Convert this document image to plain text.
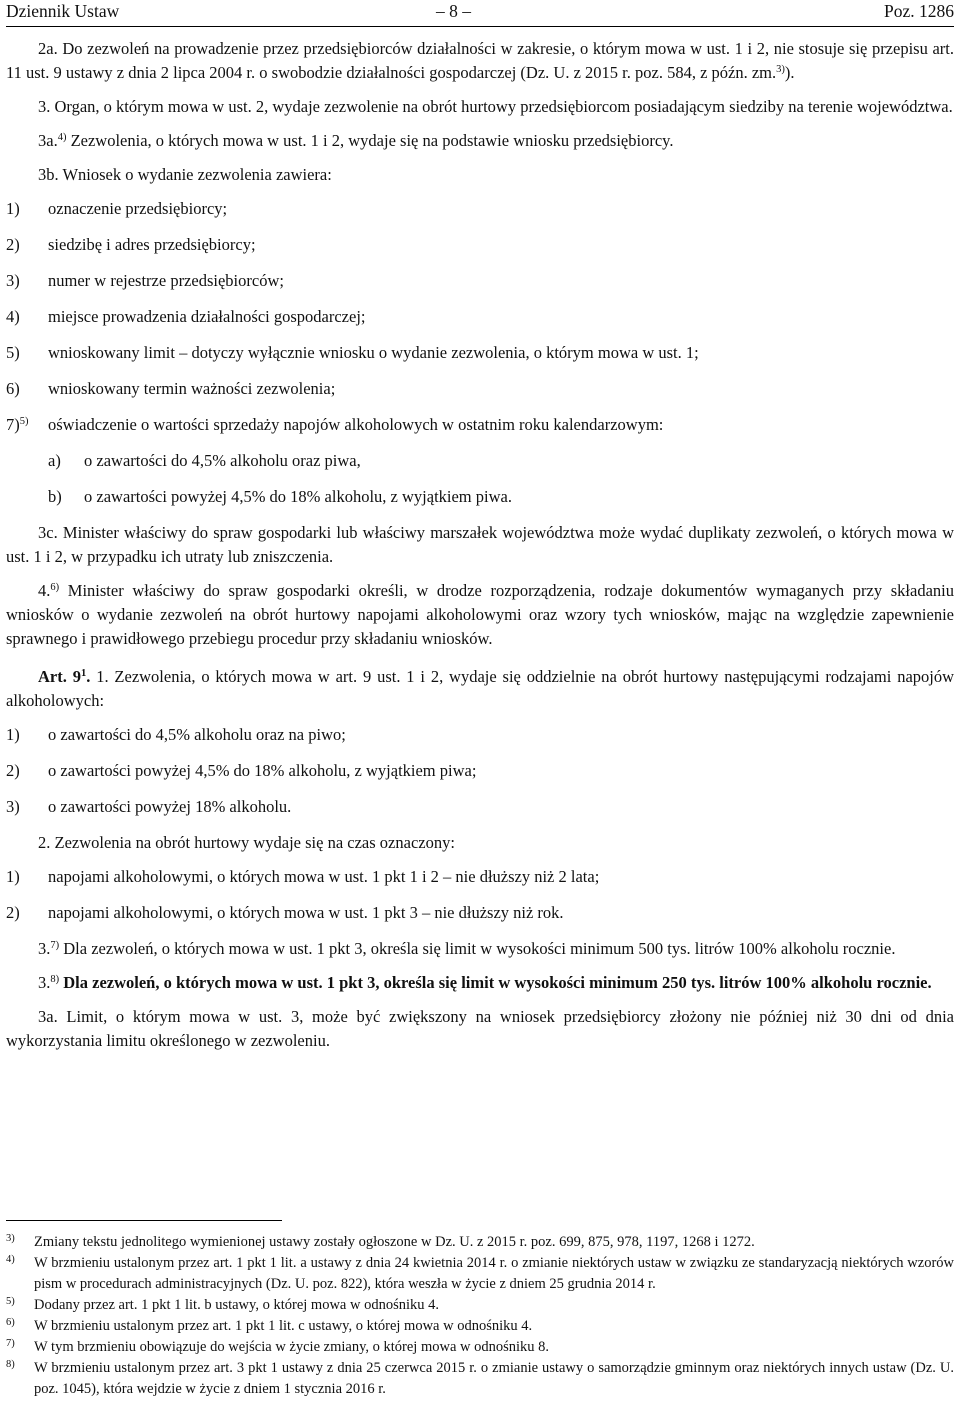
Dziennik Ustaw	– 8 –	Poz. 1286

2a. Do zezwoleń na prowadzenie przez przedsiębiorców działalności w zakresie, o którym mowa w ust. 1 i 2, nie stosuje się przepisu art. 11 ust. 9 ustawy z dnia 2 lipca 2004 r. o swobodzie działalności gospodarczej (Dz. U. z 2015 r. poz. 584, z późn. zm.$^{3)}$).

3. Organ, o którym mowa w ust. 2, wydaje zezwolenie na obrót hurtowy przedsiębiorcom posiadającym siedziby na terenie województwa.

3a.$^{4)}$ Zezwolenia, o których mowa w ust. 1 i 2, wydaje się na podstawie wniosku przedsiębiorcy.

3b. Wniosek o wydanie zezwolenia zawiera:

1) oznaczenie przedsiębiorcy;
2) siedzibę i adres przedsiębiorcy;
3) numer w rejestrze przedsiębiorców;
4) miejsce prowadzenia działalności gospodarczej;
5) wnioskowany limit – dotyczy wyłącznie wniosku o wydanie zezwolenia, o którym mowa w ust. 1;
6) wnioskowany termin ważności zezwolenia;
7)$^{5)}$ oświadczenie o wartości sprzedaży napojów alkoholowych w ostatnim roku kalendarzowym:
a) o zawartości do 4,5% alkoholu oraz piwa,
b) o zawartości powyżej 4,5% do 18% alkoholu, z wyjątkiem piwa.

3c. Minister właściwy do spraw gospodarki lub właściwy marszałek województwa może wydać duplikaty zezwoleń, o których mowa w ust. 1 i 2, w przypadku ich utraty lub zniszczenia.

4.$^{6)}$ Minister właściwy do spraw gospodarki określi, w drodze rozporządzenia, rodzaje dokumentów wymaganych przy składaniu wniosków o wydanie zezwoleń na obrót hurtowy napojami alkoholowymi oraz wzory tych wniosków, mając na względzie zapewnienie sprawnego i prawidłowego przebiegu procedur przy składaniu wniosków.

Art. $9^1$. 1. Zezwolenia, o których mowa w art. 9 ust. 1 i 2, wydaje się oddzielnie na obrót hurtowy następującymi rodzajami napojów alkoholowych:

1) o zawartości do 4,5% alkoholu oraz na piwo;
2) o zawartości powyżej 4,5% do 18% alkoholu, z wyjątkiem piwa;
3) o zawartości powyżej 18% alkoholu.

2. Zezwolenia na obrót hurtowy wydaje się na czas oznaczony:

1) napojami alkoholowymi, o których mowa w ust. 1 pkt 1 i 2 – nie dłuższy niż 2 lata;
2) napojami alkoholowymi, o których mowa w ust. 1 pkt 3 – nie dłuższy niż rok.

3.$^{7)}$ Dla zezwoleń, o których mowa w ust. 1 pkt 3, określa się limit w wysokości minimum 500 tys. litrów 100% alkoholu rocznie.

3.$^{8)}$ Dla zezwoleń, o których mowa w ust. 1 pkt 3, określa się limit w wysokości minimum 250 tys. litrów 100% alkoholu rocznie.

3a. Limit, o którym mowa w ust. 3, może być zwiększony na wniosek przedsiębiorcy złożony nie później niż 30 dni od dnia wykorzystania limitu określonego w zezwoleniu.

3) Zmiany tekstu jednolitego wymienionej ustawy zostały ogłoszone w Dz. U. z 2015 r. poz. 699, 875, 978, 1197, 1268 i 1272.
4) W brzmieniu ustalonym przez art. 1 pkt 1 lit. a ustawy z dnia 24 kwietnia 2014 r. o zmianie niektórych ustaw w związku ze standaryzacją niektórych wzorów pism w procedurach administracyjnych (Dz. U. poz. 822), która weszła w życie z dniem 25 grudnia 2014 r.
5) Dodany przez art. 1 pkt 1 lit. b ustawy, o której mowa w odnośniku 4.
6) W brzmieniu ustalonym przez art. 1 pkt 1 lit. c ustawy, o której mowa w odnośniku 4.
7) W tym brzmieniu obowiązuje do wejścia w życie zmiany, o której mowa w odnośniku 8.
8) W brzmieniu ustalonym przez art. 3 pkt 1 ustawy z dnia 25 czerwca 2015 r. o zmianie ustawy o samorządzie gminnym oraz niektórych innych ustaw (Dz. U. poz. 1045), która wejdzie w życie z dniem 1 stycznia 2016 r.
